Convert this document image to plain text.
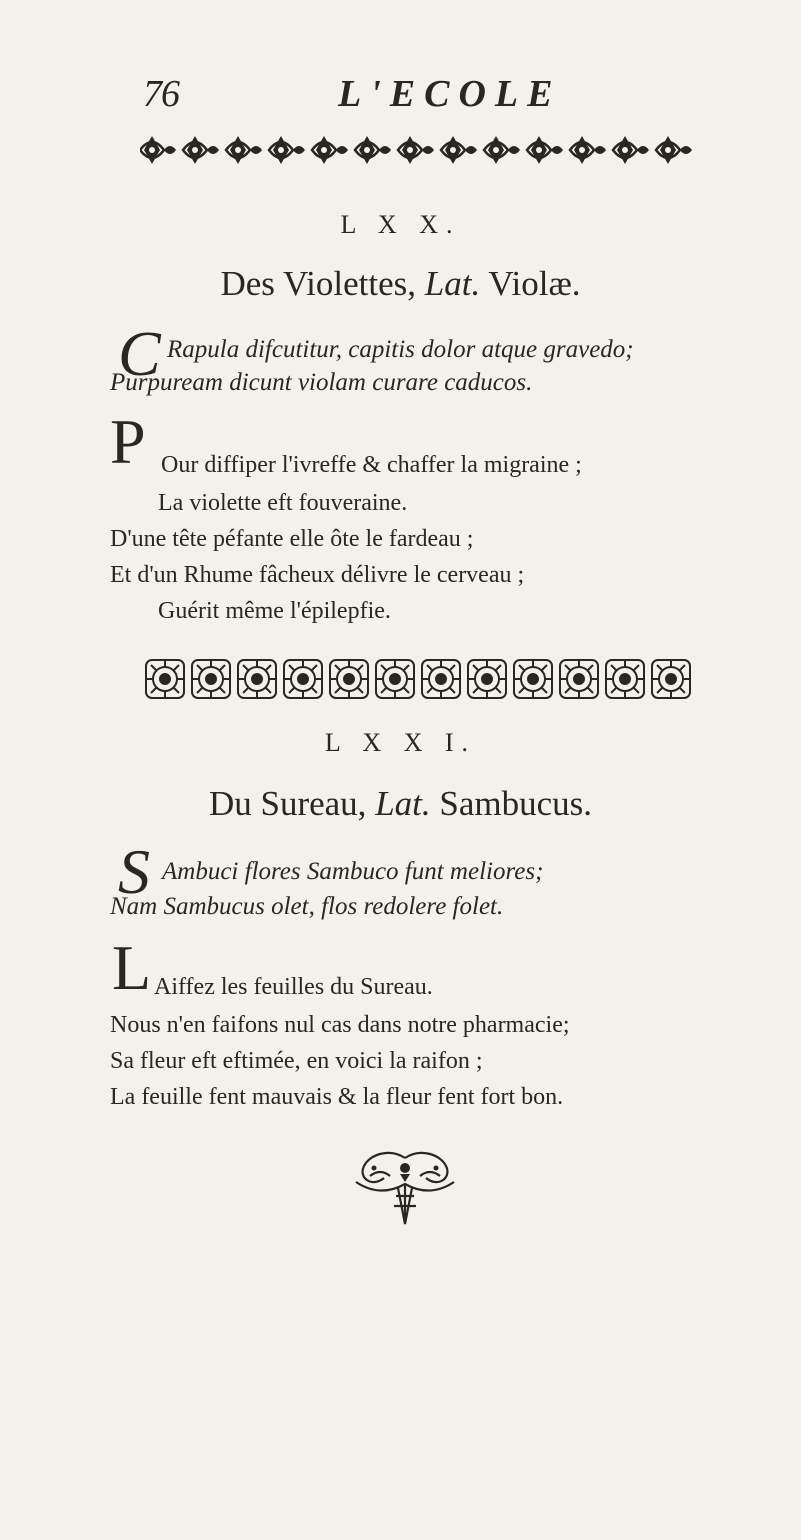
76	L'ECOLE
L X X.
Des Violettes, Lat. Violæ.
C Rapula difcutitur, capitis dolor atque gravedo;
Purpuream dicunt violam curare caducos.
P Our diffiper l'ivreffe & chaffer la migraine ;
La violette eft fouveraine.
D'une tête péfante elle ôte le fardeau ;
Et d'un Rhume fâcheux délivre le cerveau ;
Guérit même l'épilepfie.
L X X I.
Du Sureau, Lat. Sambucus.
S Ambuci flores Sambuco funt meliores;
Nam Sambucus olet, flos redolere folet.
L Aiffez les feuilles du Sureau.
Nous n'en faifons nul cas dans notre pharmacie;
Sa fleur eft eftimée, en voici la raifon ;
La feuille fent mauvais & la fleur fent fort bon.
